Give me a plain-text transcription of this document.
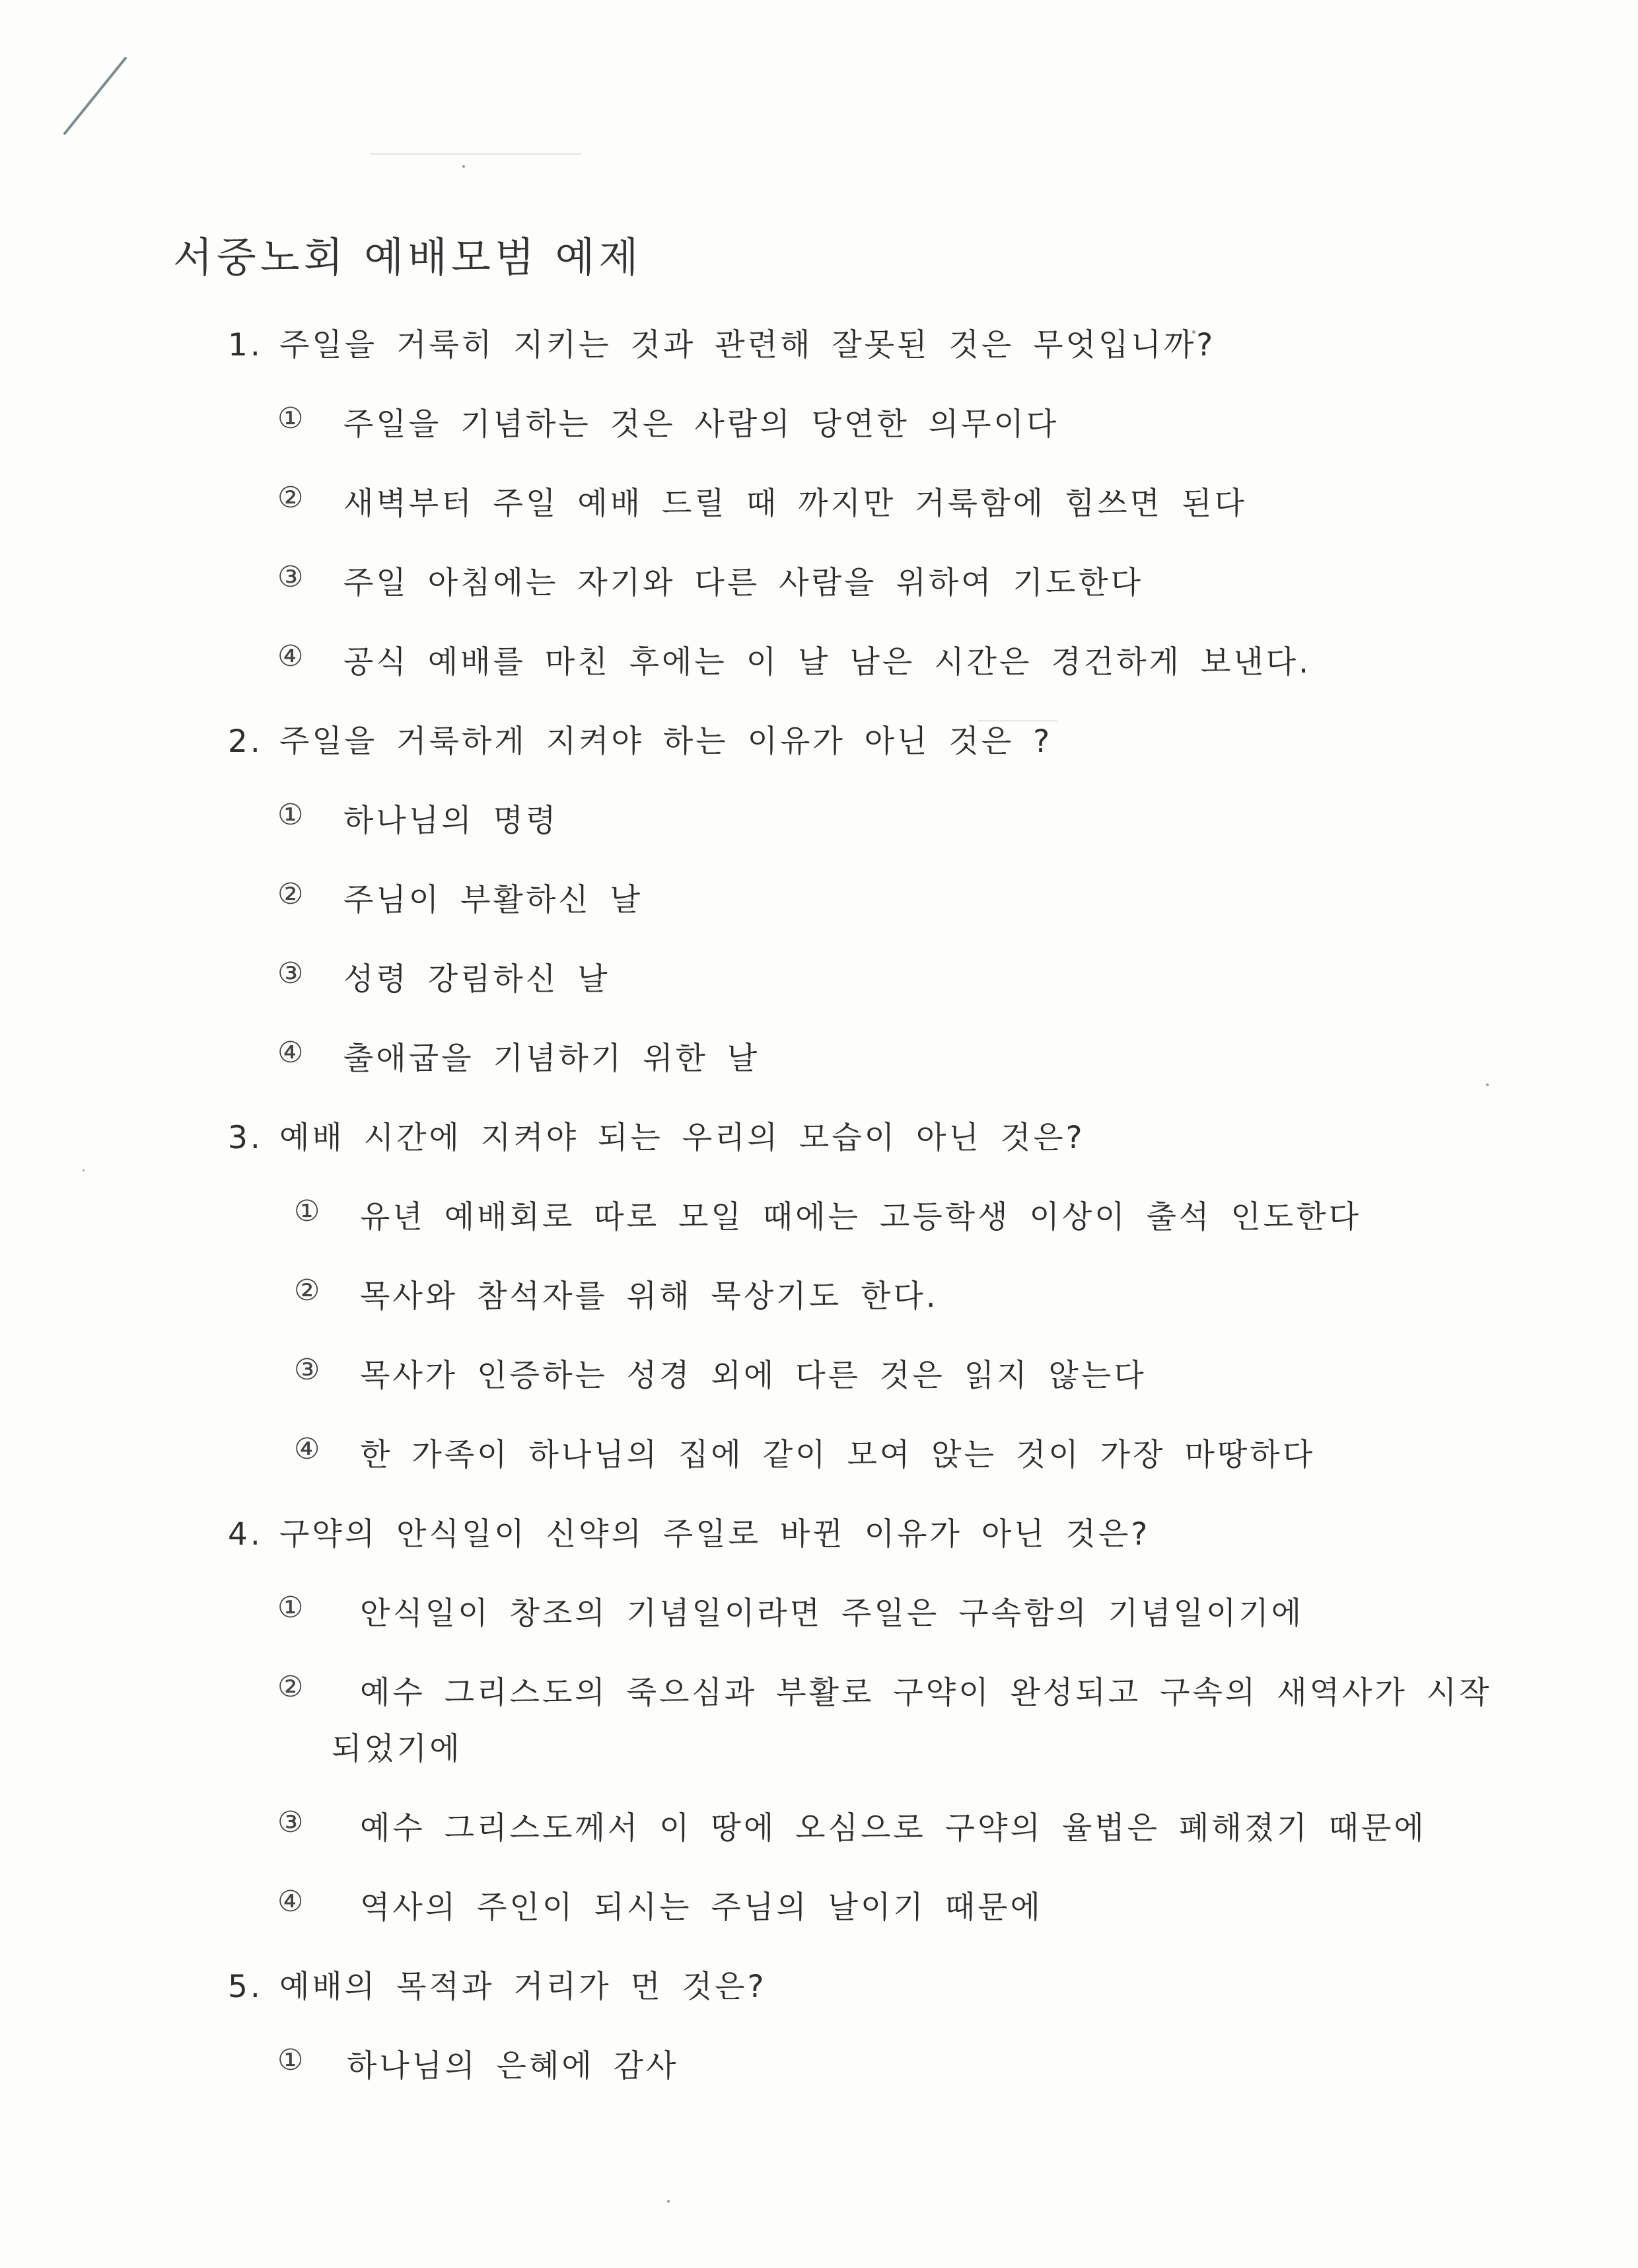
서중노회 예배모범 예제
1. 주일을 거룩히 지키는 것과 관련해 잘못된 것은 무엇입니까?
① 주일을 기념하는 것은 사람의 당연한 의무이다
② 새벽부터 주일 예배 드릴 때 까지만 거룩함에 힘쓰면 된다
③ 주일 아침에는 자기와 다른 사람을 위하여 기도한다
④ 공식 예배를 마친 후에는 이 날 남은 시간은 경건하게 보낸다.
2. 주일을 거룩하게 지켜야 하는 이유가 아닌 것은 ?
① 하나님의 명령
② 주님이 부활하신 날
③ 성령 강림하신 날
④ 출애굽을 기념하기 위한 날
3. 예배 시간에 지켜야 되는 우리의 모습이 아닌 것은?
① 유년 예배회로 따로 모일 때에는 고등학생 이상이 출석 인도한다
② 목사와 참석자를 위해 묵상기도 한다.
③ 목사가 인증하는 성경 외에 다른 것은 읽지 않는다
④ 한 가족이 하나님의 집에 같이 모여 앉는 것이 가장 마땅하다
4. 구약의 안식일이 신약의 주일로 바뀐 이유가 아닌 것은?
① 안식일이 창조의 기념일이라면 주일은 구속함의 기념일이기에
② 예수 그리스도의 죽으심과 부활로 구약이 완성되고 구속의 새역사가 시작
되었기에
③ 예수 그리스도께서 이 땅에 오심으로 구약의 율법은 폐해졌기 때문에
④ 역사의 주인이 되시는 주님의 날이기 때문에
5. 예배의 목적과 거리가 먼 것은?
① 하나님의 은혜에 감사
